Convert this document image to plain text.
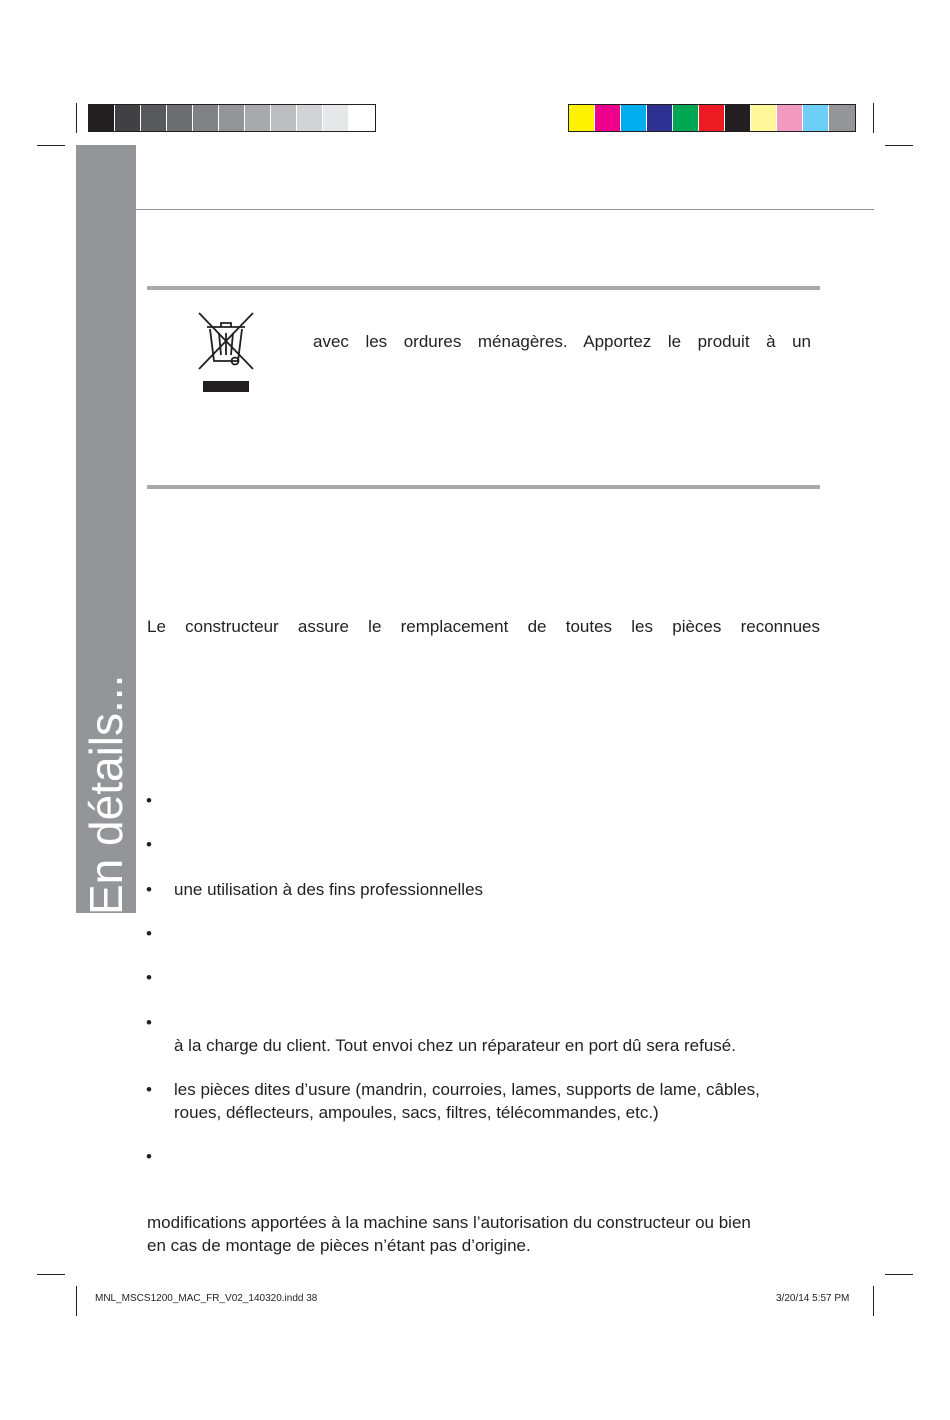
En détails...
avec les ordures ménagères. Apportez le produit à un
Le constructeur assure le remplacement de toutes les pièces reconnues
•
•
• une utilisation à des fins professionnelles
•
•
•
à la charge du client. Tout envoi chez un réparateur en port dû sera refusé.
• les pièces dites d’usure (mandrin, courroies, lames, supports de lame, câbles,
roues, déflecteurs, ampoules, sacs, filtres, télécommandes, etc.)
•
modifications apportées à la machine sans l’autorisation du constructeur ou bien
en cas de montage de pièces n’étant pas d’origine.
MNL_MSCS1200_MAC_FR_V02_140320.indd 38	3/20/14 5:57 PM
